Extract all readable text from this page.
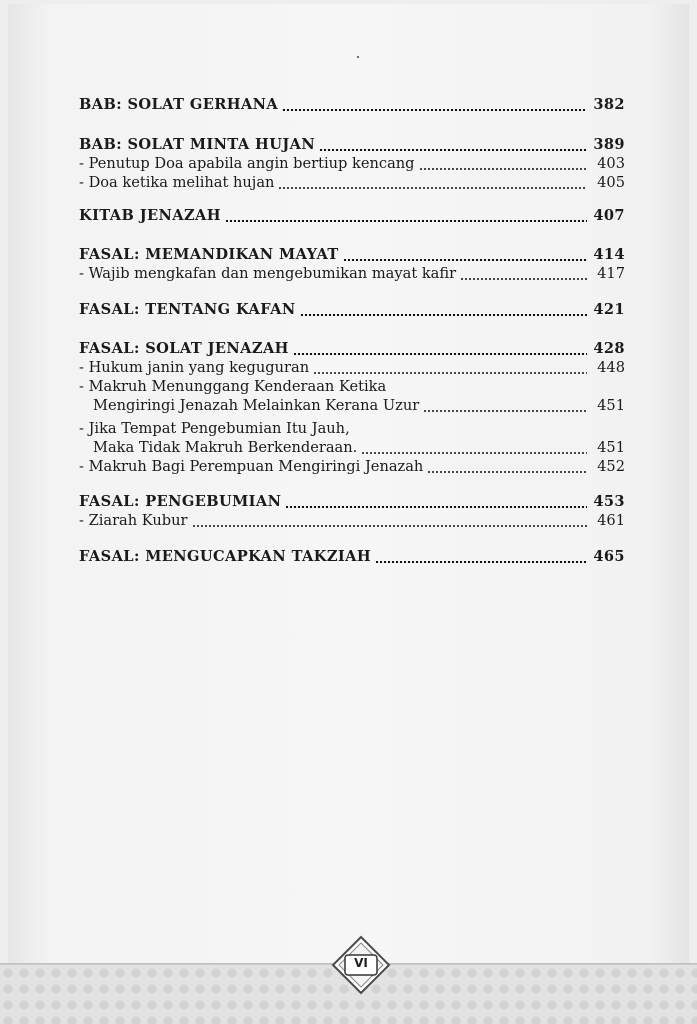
BAB: SOLAT GERHANA	382
BAB: SOLAT MINTA HUJAN	389
- Penutup Doa apabila angin bertiup kencang	403
- Doa ketika melihat hujan	405
KITAB JENAZAH	407
FASAL: MEMANDIKAN MAYAT	414
- Wajib mengkafan dan mengebumikan mayat kafir	417
FASAL: TENTANG KAFAN	421
FASAL: SOLAT JENAZAH	428
- Hukum janin yang keguguran	448
- Makruh Menunggang Kenderaan Ketika
Mengiringi Jenazah Melainkan Kerana Uzur	451
- Jika Tempat Pengebumian Itu Jauh,
Maka Tidak Makruh Berkenderaan.	451
- Makruh Bagi Perempuan Mengiringi Jenazah	452
FASAL: PENGEBUMIAN	453
- Ziarah Kubur	461
FASAL: MENGUCAPKAN TAKZIAH	465
VI
